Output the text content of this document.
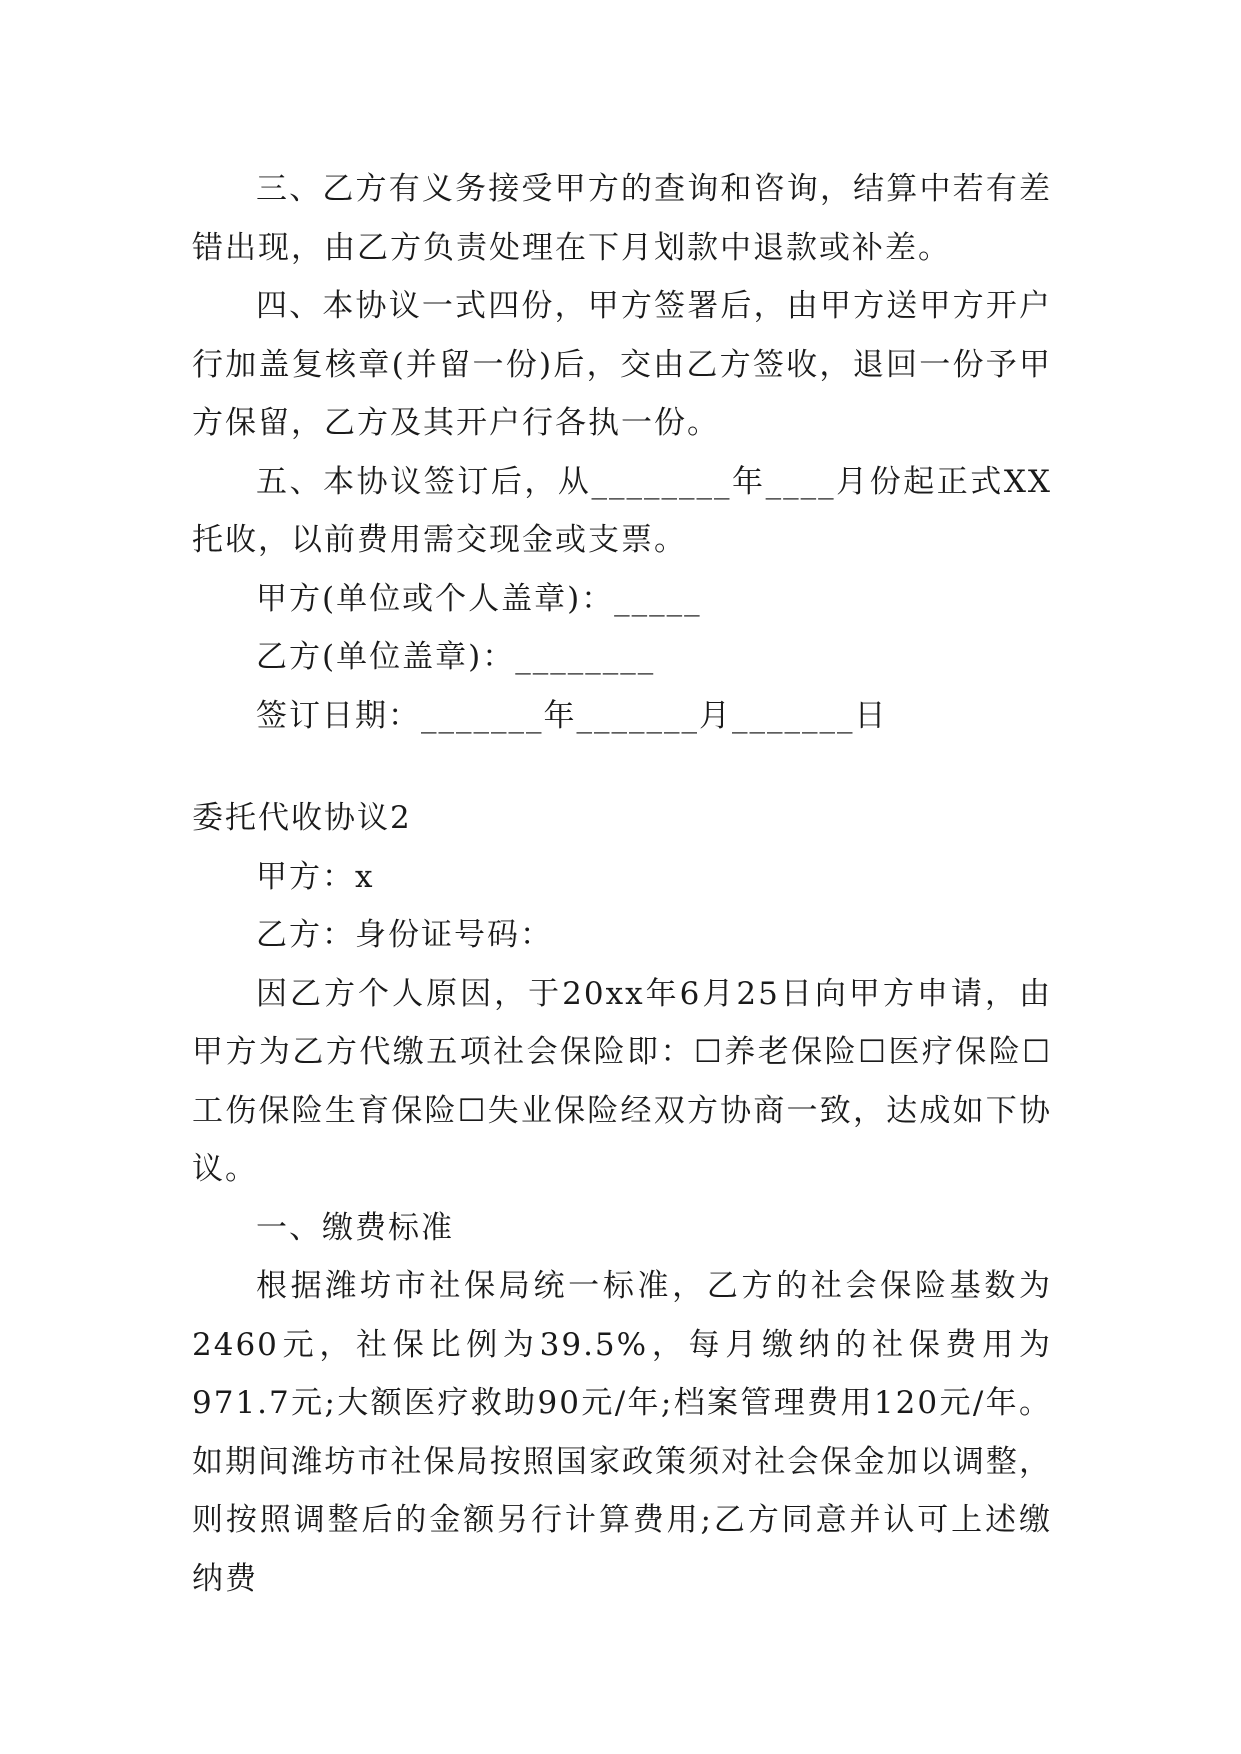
三、乙方有义务接受甲方的查询和咨询，结算中若有差错出现，由乙方负责处理在下月划款中退款或补差。

四、本协议一式四份，甲方签署后，由甲方送甲方开户行加盖复核章(并留一份)后，交由乙方签收，退回一份予甲方保留，乙方及其开户行各执一份。

五、本协议签订后，从________年____月份起正式XX托收，以前费用需交现金或支票。

甲方(单位或个人盖章)：_____

乙方(单位盖章)：________

签订日期：_______年_______月_______日

委托代收协议2

甲方：x

乙方：身份证号码：

因乙方个人原因，于20xx年6月25日向甲方申请，由甲方为乙方代缴五项社会保险即：☐养老保险☐医疗保险☐工伤保险生育保险☐失业保险经双方协商一致，达成如下协议。

一、缴费标准

根据潍坊市社保局统一标准，乙方的社会保险基数为2460元，社保比例为39.5%，每月缴纳的社保费用为971.7元;大额医疗救助90元/年;档案管理费用120元/年。如期间潍坊市社保局按照国家政策须对社会保金加以调整，则按照调整后的金额另行计算费用;乙方同意并认可上述缴纳费
